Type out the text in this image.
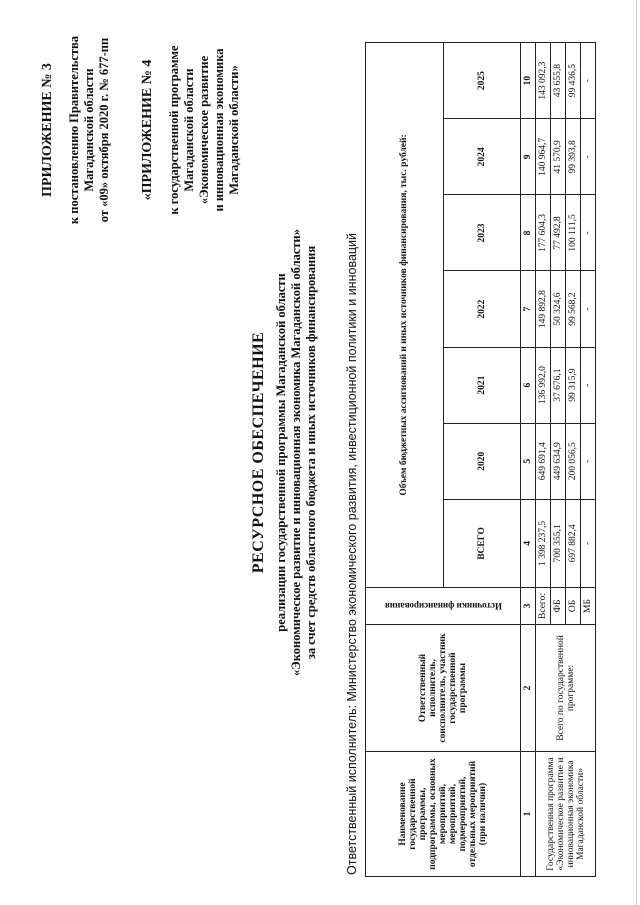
ПРИЛОЖЕНИЕ № 3 к постановлению Правительства Магаданской области от «09» октября 2020 г. № 677-пп «ПРИЛОЖЕНИЕ № 4 к государственной программе Магаданской области «Экономическое развитие и инновационная экономика Магаданской области»
РЕСУРСНОЕ ОБЕСПЕЧЕНИЕ реализации государственной программы Магаданской области «Экономическое развитие и инновационная экономика Магаданской области» за счет средств областного бюджета и иных источников финансирования Ответственный исполнитель: Министерство экономического развития, инвестиционной политики и инноваций	Наименование государственной программы, подпрограммы, основных мероприятий, мероприятий, подмероприятий, отдельных мероприятий (при наличии)	Ответственный исполнитель, соисполнитель, участник государственной программы	Источники финансирования	Объем бюджетных ассигнований и иных источников финансирования, тыс. рублей:						
			ВСЕГО	2020	2021	2022	2023	2024	2025
1	2	3	4	5	6	7	8	9	10
Государственная программа «Экономическое развитие и инновационная экономика Магаданской области»	Всего по государственной программе:	Всего:	1 398 237,5	649 691,4	136 992,0	149 892,8	177 604,3	140 964,7	143 092,3
		ФБ	700 355,1	449 634,9	37 676,1	50 324,6	77 492,8	41 570,9	43 655,8
		ОБ	697 882,4	200 056,5	99 315,9	99 568,2	100 111,5	99 393,8	99 436,5
		МБ	-	-	-	-	-	-	-
